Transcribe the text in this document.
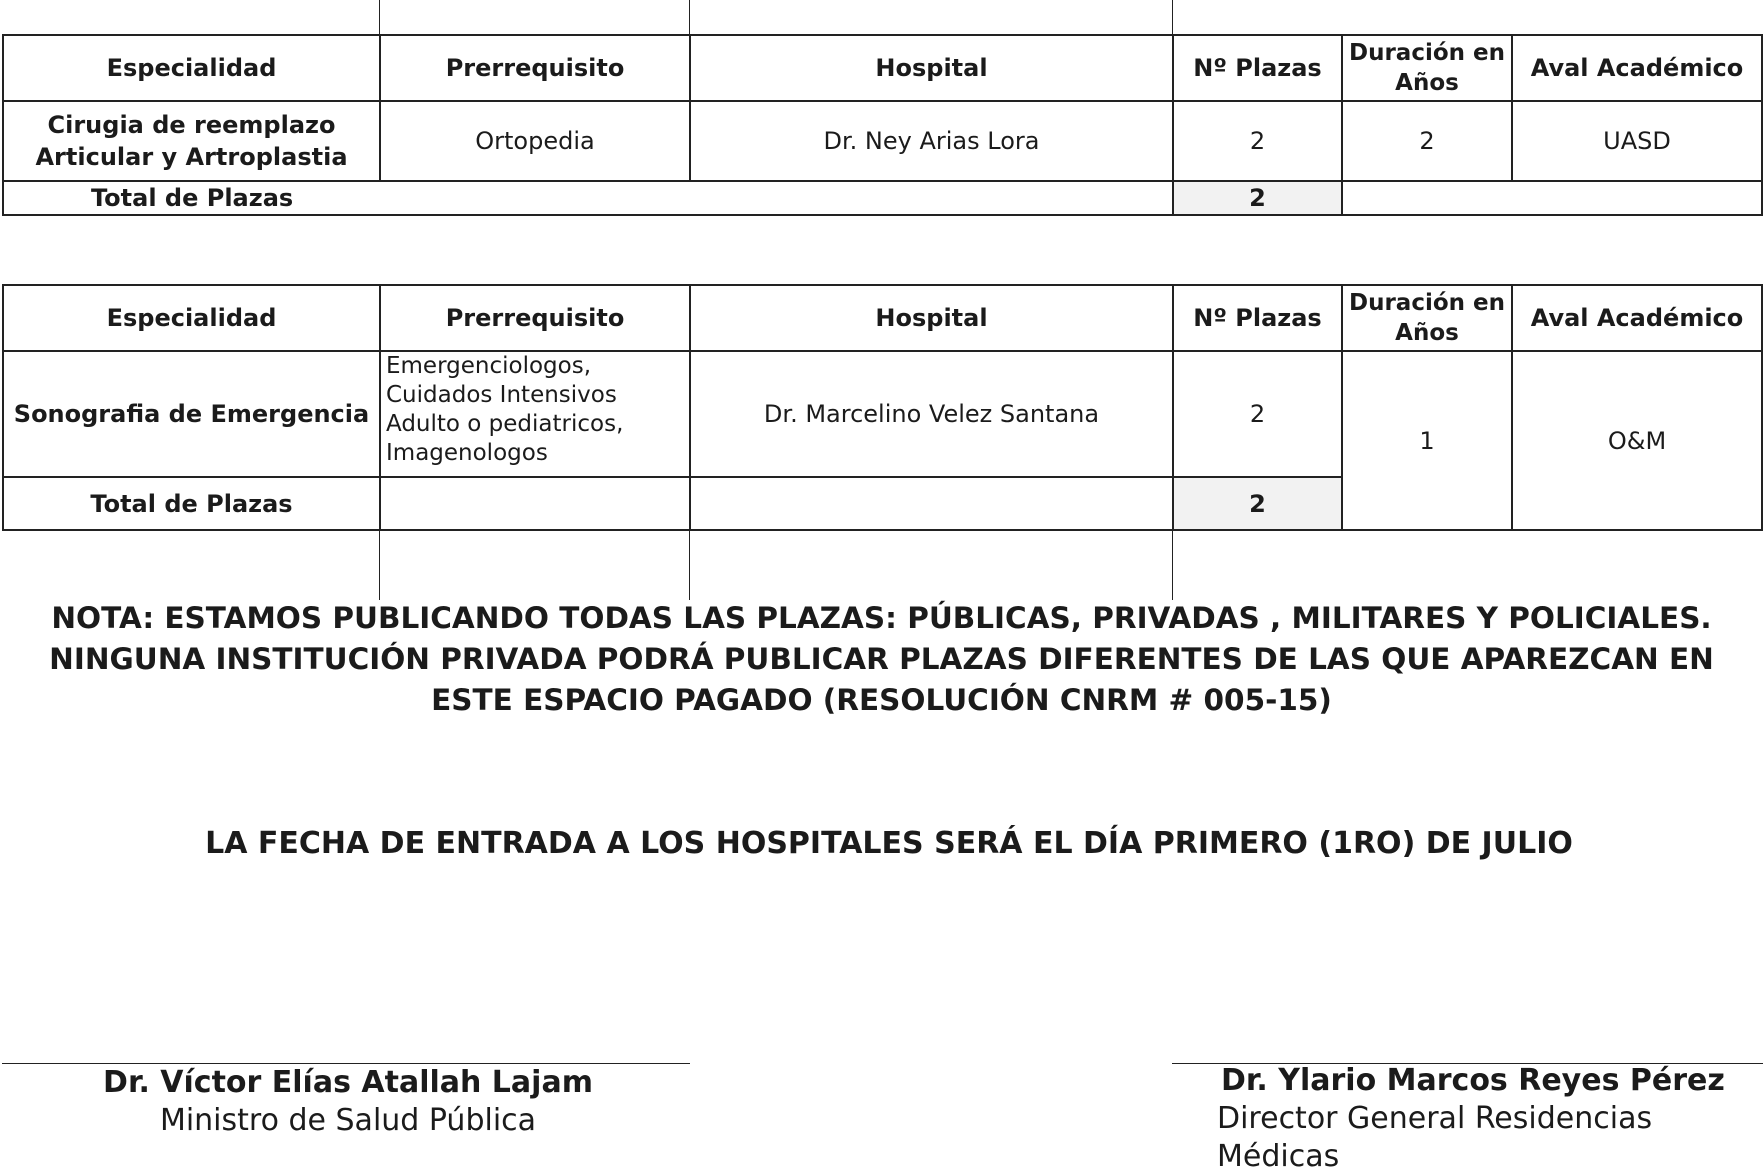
Especialidad	Prerrequisito	Hospital	Nº Plazas	Duración en Años	Aval Académico
Cirugia de reemplazo Articular y Artroplastia	Ortopedia	Dr. Ney Arias Lora	2	2	UASD
Total de Plazas			2		
Especialidad	Prerrequisito	Hospital	Nº Plazas	Duración en Años	Aval Académico
Sonografia de Emergencia	Emergenciologos, Cuidados Intensivos Adulto o pediatricos, Imagenologos	Dr. Marcelino Velez Santana	2	1	O&M
Total de Plazas			2		
NOTA: ESTAMOS PUBLICANDO TODAS LAS PLAZAS: PÚBLICAS, PRIVADAS , MILITARES Y POLICIALES.
NINGUNA INSTITUCIÓN PRIVADA PODRÁ PUBLICAR PLAZAS DIFERENTES DE LAS QUE APAREZCAN EN
ESTE ESPACIO PAGADO (RESOLUCIÓN CNRM # 005-15)
LA FECHA DE ENTRADA A LOS HOSPITALES SERÁ EL DÍA PRIMERO (1RO) DE JULIO
Dr. Víctor Elías Atallah Lajam
Ministro de Salud Pública
Dr. Ylario Marcos Reyes Pérez
Director General Residencias Médicas
